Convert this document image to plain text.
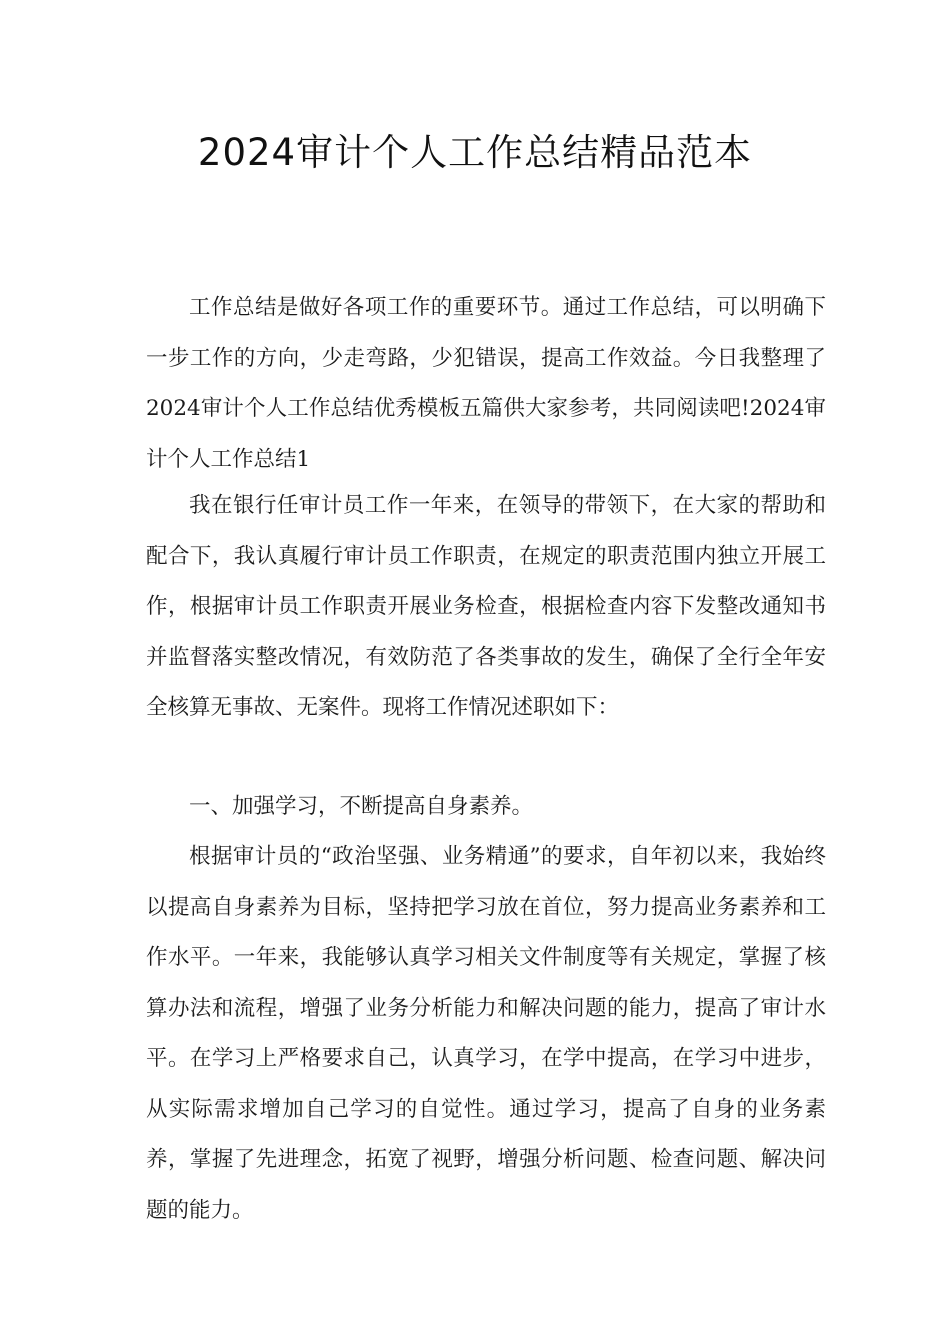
2024审计个人工作总结精品范本

工作总结是做好各项工作的重要环节。通过工作总结，可以明确下一步工作的方向，少走弯路，少犯错误，提高工作效益。今日我整理了2024审计个人工作总结优秀模板五篇供大家参考，共同阅读吧!2024审计个人工作总结1

我在银行任审计员工作一年来，在领导的带领下，在大家的帮助和配合下，我认真履行审计员工作职责，在规定的职责范围内独立开展工作，根据审计员工作职责开展业务检查，根据检查内容下发整改通知书并监督落实整改情况，有效防范了各类事故的发生，确保了全行全年安全核算无事故、无案件。现将工作情况述职如下：

一、加强学习，不断提高自身素养。

根据审计员的“政治坚强、业务精通”的要求，自年初以来，我始终以提高自身素养为目标，坚持把学习放在首位，努力提高业务素养和工作水平。一年来，我能够认真学习相关文件制度等有关规定，掌握了核算办法和流程，增强了业务分析能力和解决问题的能力，提高了审计水平。在学习上严格要求自己，认真学习，在学中提高，在学习中进步，从实际需求增加自己学习的自觉性。通过学习，提高了自身的业务素养，掌握了先进理念，拓宽了视野，增强分析问题、检查问题、解决问题的能力。
